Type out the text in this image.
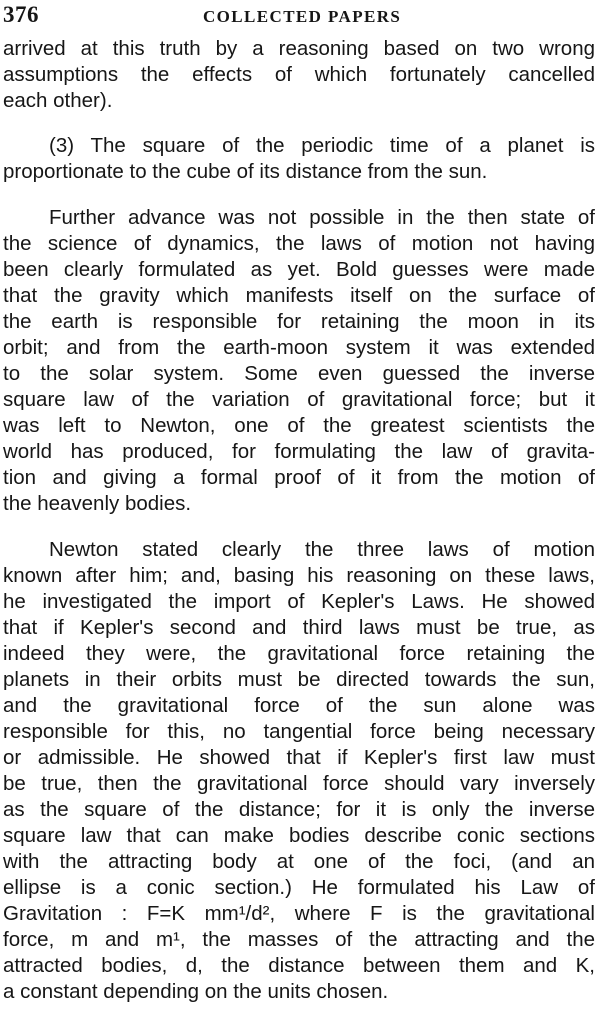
376	COLLECTED PAPERS
arrived at this truth by a reasoning based on two wrong
assumptions the effects of which fortunately cancelled
each other).
(3) The square of the periodic time of a planet is
proportionate to the cube of its distance from the sun.
Further advance was not possible in the then state of
the science of dynamics, the laws of motion not having
been clearly formulated as yet. Bold guesses were made
that the gravity which manifests itself on the surface of
the earth is responsible for retaining the moon in its
orbit; and from the earth-moon system it was extended
to the solar system. Some even guessed the inverse
square law of the variation of gravitational force; but it
was left to Newton, one of the greatest scientists the
world has produced, for formulating the law of gravita-
tion and giving a formal proof of it from the motion of
the heavenly bodies.
Newton stated clearly the three laws of motion
known after him; and, basing his reasoning on these laws,
he investigated the import of Kepler's Laws. He showed
that if Kepler's second and third laws must be true, as
indeed they were, the gravitational force retaining the
planets in their orbits must be directed towards the sun,
and the gravitational force of the sun alone was
responsible for this, no tangential force being necessary
or admissible. He showed that if Kepler's first law must
be true, then the gravitational force should vary inversely
as the square of the distance; for it is only the inverse
square law that can make bodies describe conic sections
with the attracting body at one of the foci, (and an
ellipse is a conic section.) He formulated his Law of
Gravitation : F=K mm¹/d², where F is the gravitational
force, m and m¹, the masses of the attracting and the
attracted bodies, d, the distance between them and K,
a constant depending on the units chosen.
